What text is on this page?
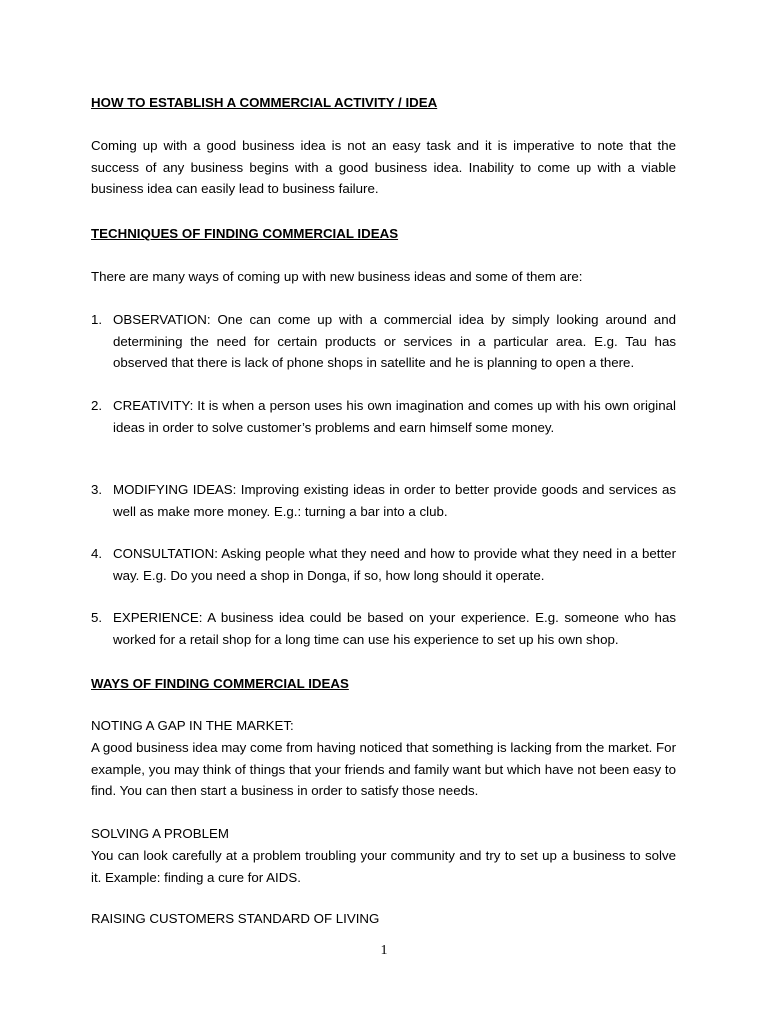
HOW TO ESTABLISH A COMMERCIAL ACTIVITY / IDEA

Coming up with a good business idea is not an easy task and it is imperative to note that the success of any business begins with a good business idea. Inability to come up with a viable business idea can easily lead to business failure.

TECHNIQUES OF FINDING COMMERCIAL IDEAS

There are many ways of coming up with new business ideas and some of them are:

1. OBSERVATION: One can come up with a commercial idea by simply looking around and determining the need for certain products or services in a particular area. E.g. Tau has observed that there is lack of phone shops in satellite and he is planning to open a there.
2. CREATIVITY: It is when a person uses his own imagination and comes up with his own original ideas in order to solve customer’s problems and earn himself some money.
3. MODIFYING IDEAS: Improving existing ideas in order to better provide goods and services as well as make more money. E.g.: turning a bar into a club.
4. CONSULTATION: Asking people what they need and how to provide what they need in a better way. E.g. Do you need a shop in Donga, if so, how long should it operate.
5. EXPERIENCE: A business idea could be based on your experience. E.g. someone who has worked for a retail shop for a long time can use his experience to set up his own shop.
WAYS OF FINDING COMMERCIAL IDEAS
NOTING A GAP IN THE MARKET:

A good business idea may come from having noticed that something is lacking from the market. For example, you may think of things that your friends and family want but which have not been easy to find. You can then start a business in order to satisfy those needs.

SOLVING A PROBLEM

You can look carefully at a problem troubling your community and try to set up a business to solve it. Example: finding a cure for AIDS.

RAISING CUSTOMERS STANDARD OF LIVING
1
